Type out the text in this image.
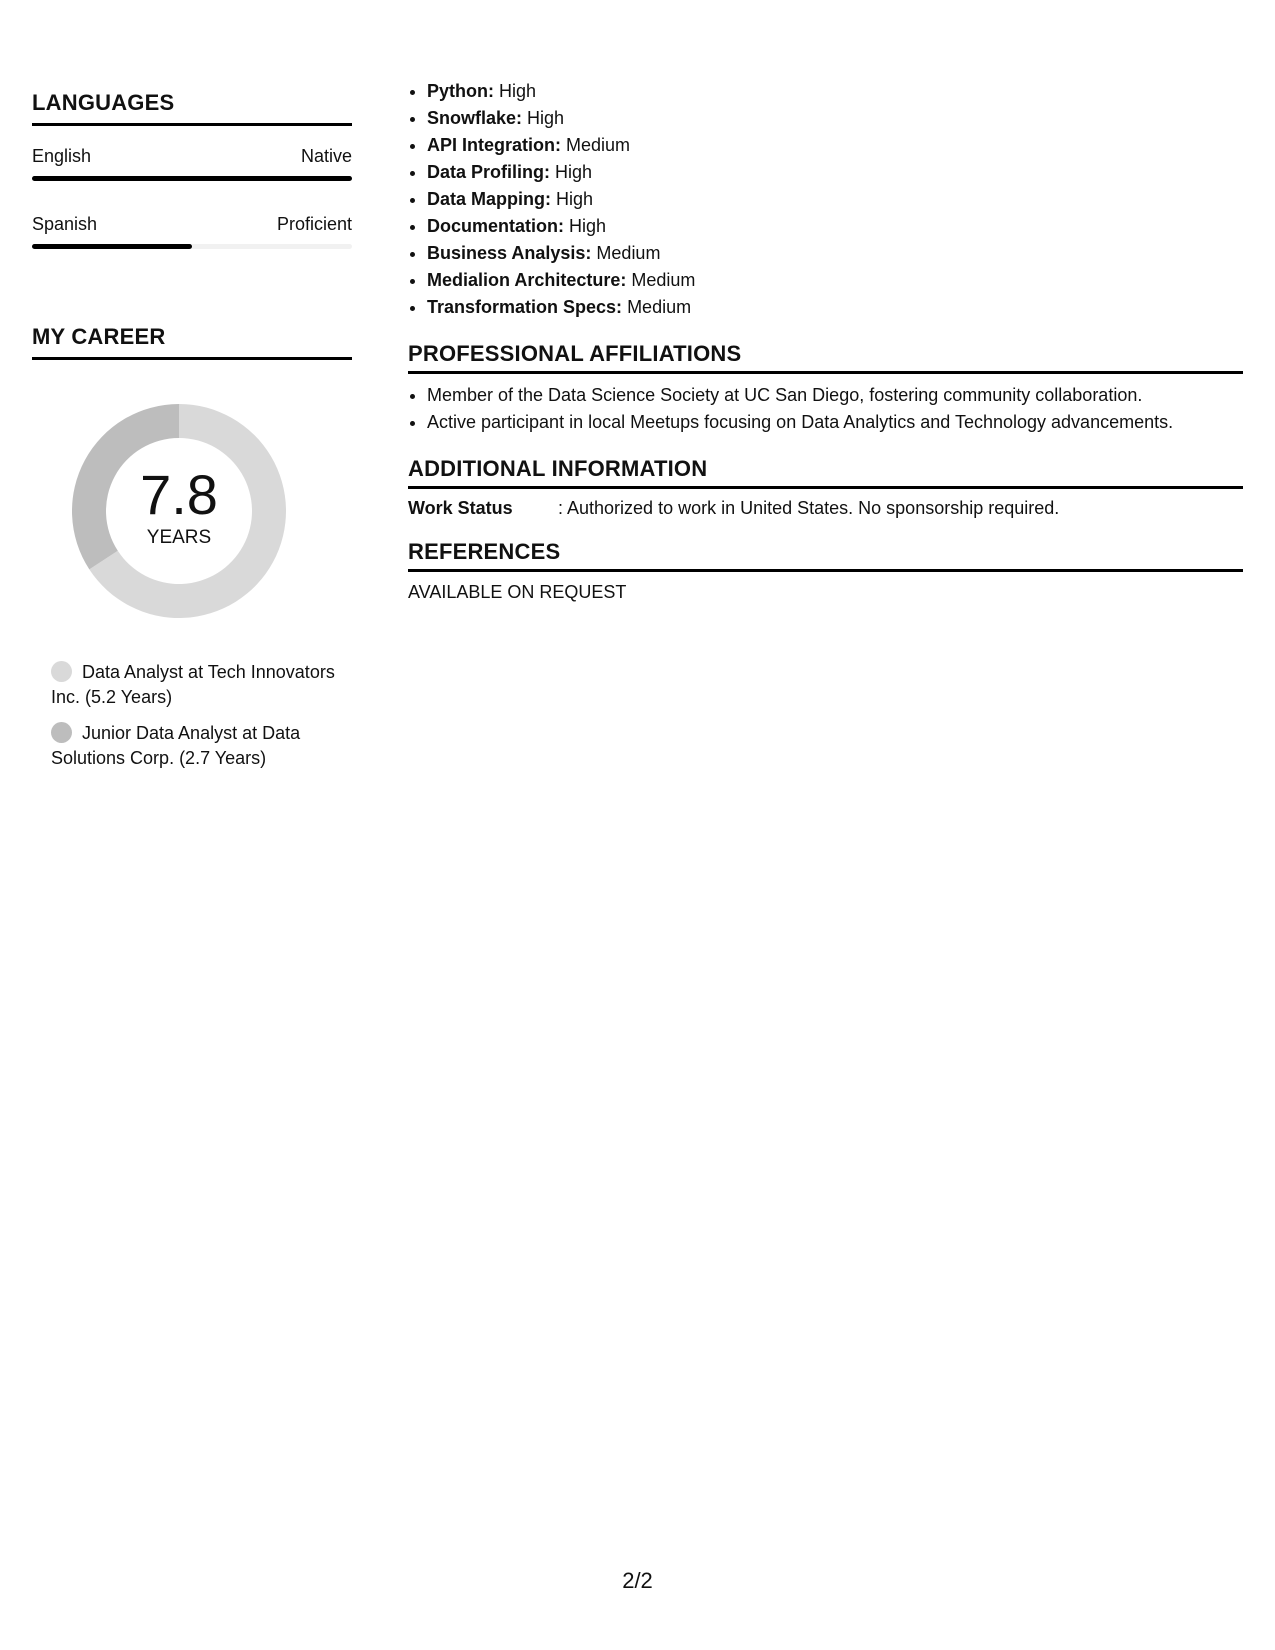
LANGUAGES
English	Native
Spanish	Proficient
MY CAREER
7.8
YEARS
Data Analyst at Tech Innovators Inc. (5.2 Years)
Junior Data Analyst at Data Solutions Corp. (2.7 Years)
• Python: High
• Snowflake: High
• API Integration: Medium
• Data Profiling: High
• Data Mapping: High
• Documentation: High
• Business Analysis: Medium
• Medialion Architecture: Medium
• Transformation Specs: Medium
PROFESSIONAL AFFILIATIONS
• Member of the Data Science Society at UC San Diego, fostering community collaboration.
• Active participant in local Meetups focusing on Data Analytics and Technology advancements.
ADDITIONAL INFORMATION
Work Status	: Authorized to work in United States. No sponsorship required.
REFERENCES
AVAILABLE ON REQUEST
2/2
